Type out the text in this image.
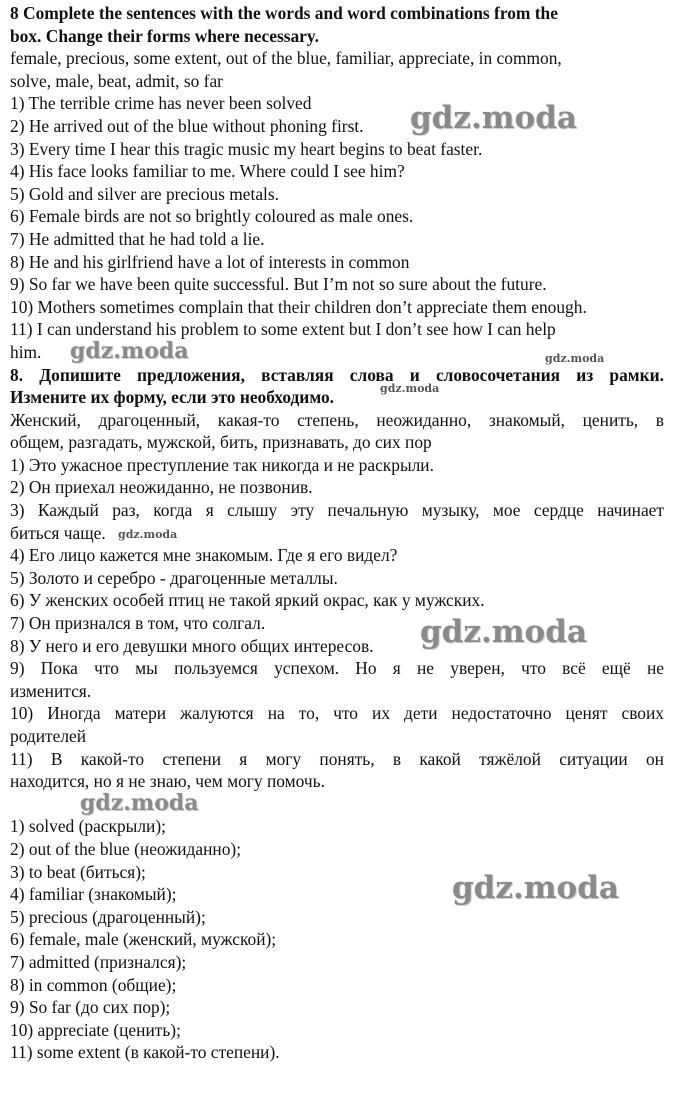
8 Complete the sentences with the words and word combinations from the
box. Change their forms where necessary.
female, precious, some extent, out of the blue, familiar, appreciate, in common,
solve, male, beat, admit, so far
1) The terrible crime has never been solved
2) He arrived out of the blue without phoning first.
3) Every time I hear this tragic music my heart begins to beat faster.
4) His face looks familiar to me. Where could I see him?
5) Gold and silver are precious metals.
6) Female birds are not so brightly coloured as male ones.
7) He admitted that he had told a lie.
8) He and his girlfriend have a lot of interests in common
9) So far we have been quite successful. But I’m not so sure about the future.
10) Mothers sometimes complain that their children don’t appreciate them enough.
11) I can understand his problem to some extent but I don’t see how I can help
him.
8. Допишите предложения, вставляя слова и словосочетания из рамки.
Измените их форму, если это необходимо.
Женский, драгоценный, какая-то степень, неожиданно, знакомый, ценить, в
общем, разгадать, мужской, бить, признавать, до сих пор
1) Это ужасное преступление так никогда и не раскрыли.
2) Он приехал неожиданно, не позвонив.
3) Каждый раз, когда я слышу эту печальную музыку, мое сердце начинает
биться чаще.
4) Его лицо кажется мне знакомым. Где я его видел?
5) Золото и серебро - драгоценные металлы.
6) У женских особей птиц не такой яркий окрас, как у мужских.
7) Он признался в том, что солгал.
8) У него и его девушки много общих интересов.
9) Пока что мы пользуемся успехом. Но я не уверен, что всё ещё не
изменится.
10) Иногда матери жалуются на то, что их дети недостаточно ценят своих
родителей
11) В какой-то степени я могу понять, в какой тяжёлой ситуации он
находится, но я не знаю, чем могу помочь.
1) solved (раскрыли);
2) out of the blue (неожиданно);
3) to beat (биться);
4) familiar (знакомый);
5) precious (драгоценный);
6) female, male (женский, мужской);
7) admitted (признался);
8) in common (общие);
9) So far (до сих пор);
10) appreciate (ценить);
11) some extent (в какой-то степени).
gdz.moda
gdz.moda	gdz.moda
gdz.moda
gdz.moda
gdz.moda
gdz.moda
gdz.moda
